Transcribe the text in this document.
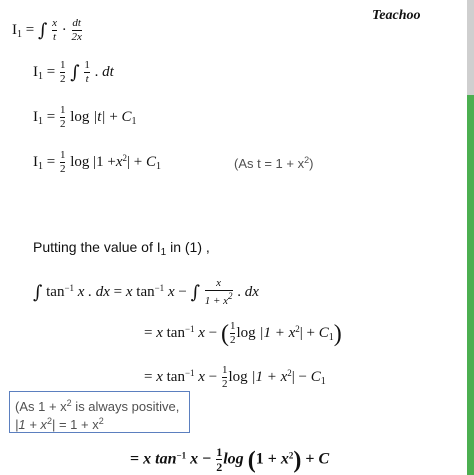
Teachoo
$I_1$ = ∫ $\frac{x}{t} \cdot \frac{dt}{2x}$
$I_1 = \frac{1}{2}$ ∫ $\frac{1}{t}$ . dt
$I_1 = \frac{1}{2}$ $\log |t| + C_1$
$I_1 = \frac{1}{2}$ $\log |1 +x^2| + C_1$	(As $t = 1 + x^2$)
Putting the value of $I_1$ in (1) ,
∫ $\tan^{-1} x$ . dx = x $\tan^{-1} x$ − ∫ $\frac{x}{1 + x^2}$ . dx
= x $\tan^{-1} x$ − ( $\frac{1}{2}$ $\log |1 + x^2| + C_1$)
= x $\tan^{-1} x - \frac{1}{2}$ $\log |1 + x^2| - C_1$
(As $1 + x^2$ is always positive,
$|1 + x^2| = 1 + x^2$
= x $\tan^{-1} x - \frac{1}{2}$ $\log (1 + x^2) + C$
